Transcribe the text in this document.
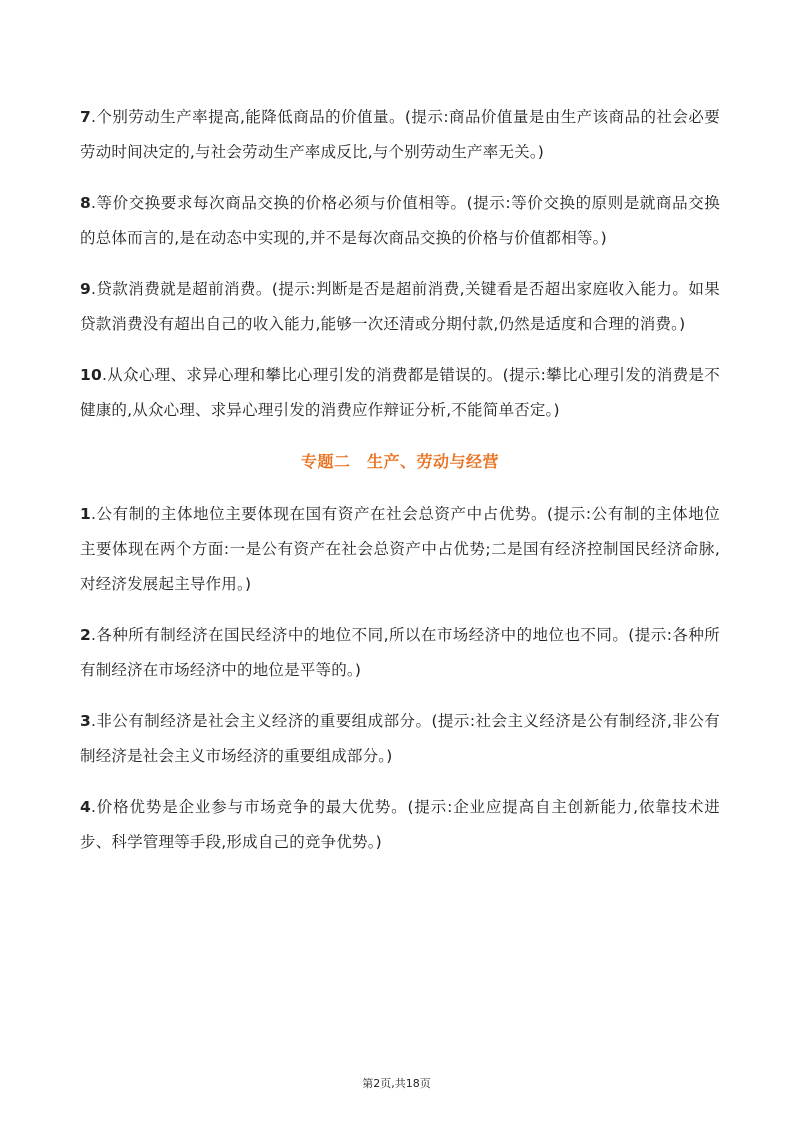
7.个别劳动生产率提高,能降低商品的价值量。(提示:商品价值量是由生产该商品的社会必要劳动时间决定的,与社会劳动生产率成反比,与个别劳动生产率无关。)

8.等价交换要求每次商品交换的价格必须与价值相等。(提示:等价交换的原则是就商品交换的总体而言的,是在动态中实现的,并不是每次商品交换的价格与价值都相等。)

9.贷款消费就是超前消费。(提示:判断是否是超前消费,关键看是否超出家庭收入能力。如果贷款消费没有超出自己的收入能力,能够一次还清或分期付款,仍然是适度和合理的消费。)

10.从众心理、求异心理和攀比心理引发的消费都是错误的。(提示:攀比心理引发的消费是不健康的,从众心理、求异心理引发的消费应作辩证分析,不能简单否定。)

专题二　生产、劳动与经营

1.公有制的主体地位主要体现在国有资产在社会总资产中占优势。(提示:公有制的主体地位主要体现在两个方面:一是公有资产在社会总资产中占优势;二是国有经济控制国民经济命脉,对经济发展起主导作用。)

2.各种所有制经济在国民经济中的地位不同,所以在市场经济中的地位也不同。(提示:各种所有制经济在市场经济中的地位是平等的。)

3.非公有制经济是社会主义经济的重要组成部分。(提示:社会主义经济是公有制经济,非公有制经济是社会主义市场经济的重要组成部分。)

4.价格优势是企业参与市场竞争的最大优势。(提示:企业应提高自主创新能力,依靠技术进步、科学管理等手段,形成自己的竞争优势。)

第2页,共18页
